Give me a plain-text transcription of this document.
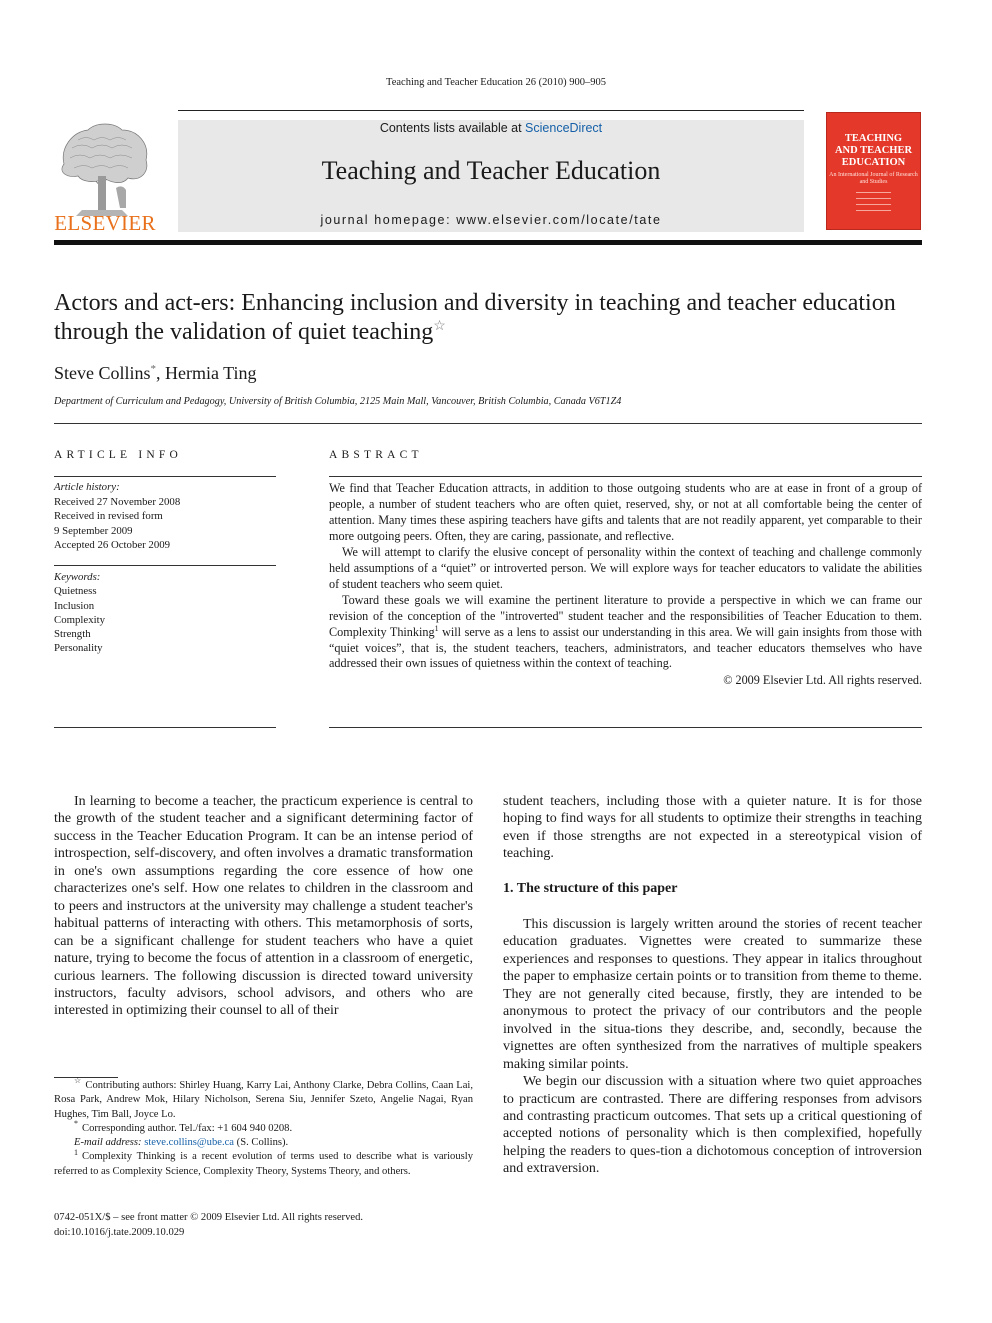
Teaching and Teacher Education 26 (2010) 900–905
ELSEVIER
Contents lists available at ScienceDirect
Teaching and Teacher Education
journal homepage: www.elsevier.com/locate/tate
TEACHING
AND TEACHER
EDUCATION
An International Journal of Research and Studies
Actors and act-ers: Enhancing inclusion and diversity in teaching and teacher education through the validation of quiet teaching☆
Steve Collins*, Hermia Ting
Department of Curriculum and Pedagogy, University of British Columbia, 2125 Main Mall, Vancouver, British Columbia, Canada V6T1Z4
ARTICLE INFO
Article history:
Received 27 November 2008
Received in revised form
9 September 2009
Accepted 26 October 2009
Keywords:
Quietness
Inclusion
Complexity
Strength
Personality
ABSTRACT

We find that Teacher Education attracts, in addition to those outgoing students who are at ease in front of a group of people, a number of student teachers who are often quiet, reserved, shy, or not at all comfortable being the center of attention. Many times these aspiring teachers have gifts and talents that are not readily apparent, yet comparable to their more outgoing peers. Often, they are caring, passionate, and reflective.

We will attempt to clarify the elusive concept of personality within the context of teaching and challenge commonly held assumptions of a “quiet” or introverted person. We will explore ways for teacher educators to validate the abilities of student teachers who seem quiet.

Toward these goals we will examine the pertinent literature to provide a perspective in which we can frame our revision of the conception of the "introverted" student teacher and the responsibilities of Teacher Education to them. Complexity Thinking$^1$ will serve as a lens to assist our understanding in this area. We will gain insights from those with “quiet voices”, that is, the student teachers, teachers, administrators, and teacher educators themselves who have addressed their own issues of quietness within the context of teaching.

© 2009 Elsevier Ltd. All rights reserved.

In learning to become a teacher, the practicum experience is central to the growth of the student teacher and a significant determining factor of success in the Teacher Education Program. It can be an intense period of introspection, self-discovery, and often involves a dramatic transformation in one's own assumptions regarding the core essence of how one characterizes one's self. How one relates to children in the classroom and to peers and instructors at the university may challenge a student teacher's habitual patterns of interacting with others. This metamorphosis of sorts, can be a significant challenge for student teachers who have a quiet nature, trying to become the focus of attention in a classroom of energetic, curious learners. The following discussion is directed toward university instructors, faculty advisors, school advisors, and others who are interested in optimizing their counsel to all of their

student teachers, including those with a quieter nature. It is for those hoping to find ways for all students to optimize their strengths in teaching even if those strengths are not expected in a stereotypical vision of teaching.

1. The structure of this paper

This discussion is largely written around the stories of recent teacher education graduates. Vignettes were created to summarize these experiences and responses to questions. They appear in italics throughout the paper to emphasize certain points or to transition from theme to theme. They are not generally cited because, firstly, they are intended to be anonymous to protect the privacy of our contributors and the people involved in the situa-tions they describe, and, secondly, because the vignettes are often synthesized from the narratives of multiple speakers making similar points.

We begin our discussion with a situation where two quiet approaches to practicum are contrasted. There are differing responses from advisors and contrasting practicum outcomes. That sets up a critical questioning of accepted notions of personality which is then complexified, hopefully helping the readers to ques-tion a dichotomous conception of introversion and extraversion.

☆ Contributing authors: Shirley Huang, Karry Lai, Anthony Clarke, Debra Collins, Caan Lai, Rosa Park, Andrew Mok, Hilary Nicholson, Serena Siu, Jennifer Szeto, Angelie Nagai, Ryan Hughes, Tim Ball, Joyce Lo.

* Corresponding author. Tel./fax: +1 604 940 0208.

E-mail address: steve.collins@ube.ca (S. Collins).

$^1$ Complexity Thinking is a recent evolution of terms used to describe what is variously referred to as Complexity Science, Complexity Theory, Systems Theory, and others.

0742-051X/$ – see front matter © 2009 Elsevier Ltd. All rights reserved.
doi:10.1016/j.tate.2009.10.029
